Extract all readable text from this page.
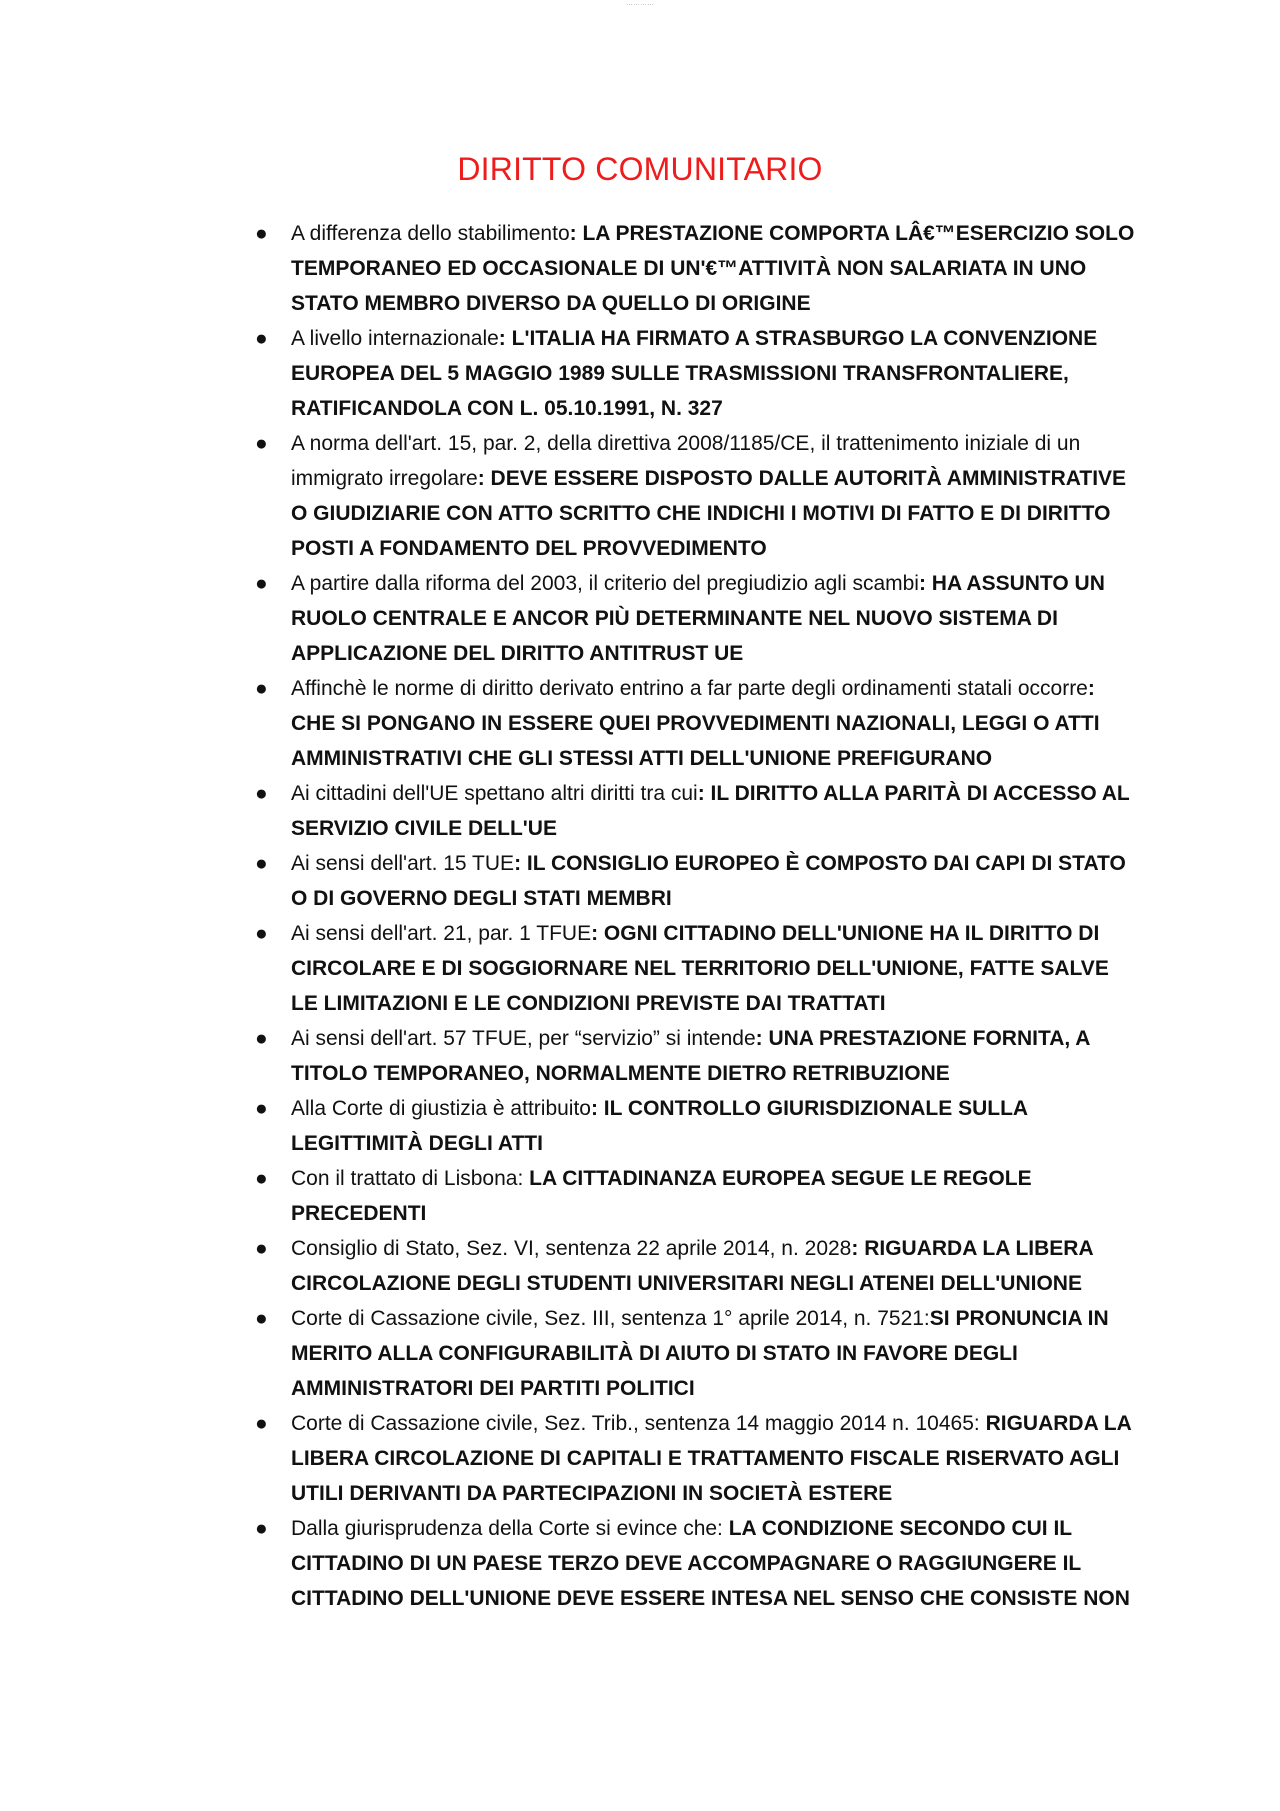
…………
DIRITTO COMUNITARIO
● A differenza dello stabilimento: LA PRESTAZIONE COMPORTA LÂ€™ESERCIZIO SOLO TEMPORANEO ED OCCASIONALE DI UN'€™ATTIVITÀ NON SALARIATA IN UNO STATO MEMBRO DIVERSO DA QUELLO DI ORIGINE
● A livello internazionale: L'ITALIA HA FIRMATO A STRASBURGO LA CONVENZIONE EUROPEA DEL 5 MAGGIO 1989 SULLE TRASMISSIONI TRANSFRONTALIERE, RATIFICANDOLA CON L. 05.10.1991, N. 327
● A norma dell'art. 15, par. 2, della direttiva 2008/1185/CE, il trattenimento iniziale di un immigrato irregolare: DEVE ESSERE DISPOSTO DALLE AUTORITÀ AMMINISTRATIVE O GIUDIZIARIE CON ATTO SCRITTO CHE INDICHI I MOTIVI DI FATTO E DI DIRITTO POSTI A FONDAMENTO DEL PROVVEDIMENTO
● A partire dalla riforma del 2003, il criterio del pregiudizio agli scambi: HA ASSUNTO UN RUOLO CENTRALE E ANCOR PIÙ DETERMINANTE NEL NUOVO SISTEMA DI APPLICAZIONE DEL DIRITTO ANTITRUST UE
● Affinchè le norme di diritto derivato entrino a far parte degli ordinamenti statali occorre: CHE SI PONGANO IN ESSERE QUEI PROVVEDIMENTI NAZIONALI, LEGGI O ATTI AMMINISTRATIVI CHE GLI STESSI ATTI DELL'UNIONE PREFIGURANO
● Ai cittadini dell'UE spettano altri diritti tra cui: IL DIRITTO ALLA PARITÀ DI ACCESSO AL SERVIZIO CIVILE DELL'UE
● Ai sensi dell'art. 15 TUE: IL CONSIGLIO EUROPEO È COMPOSTO DAI CAPI DI STATO O DI GOVERNO DEGLI STATI MEMBRI
● Ai sensi dell'art. 21, par. 1 TFUE: OGNI CITTADINO DELL'UNIONE HA IL DIRITTO DI CIRCOLARE E DI SOGGIORNARE NEL TERRITORIO DELL'UNIONE, FATTE SALVE LE LIMITAZIONI E LE CONDIZIONI PREVISTE DAI TRATTATI
● Ai sensi dell'art. 57 TFUE, per “servizio” si intende: UNA PRESTAZIONE FORNITA, A TITOLO TEMPORANEO, NORMALMENTE DIETRO RETRIBUZIONE
● Alla Corte di giustizia è attribuito: IL CONTROLLO GIURISDIZIONALE SULLA LEGITTIMITÀ DEGLI ATTI
● Con il trattato di Lisbona: LA CITTADINANZA EUROPEA SEGUE LE REGOLE PRECEDENTI
● Consiglio di Stato, Sez. VI, sentenza 22 aprile 2014, n. 2028: RIGUARDA LA LIBERA CIRCOLAZIONE DEGLI STUDENTI UNIVERSITARI NEGLI ATENEI DELL'UNIONE
● Corte di Cassazione civile, Sez. III, sentenza 1° aprile 2014, n. 7521:SI PRONUNCIA IN MERITO ALLA CONFIGURABILITÀ DI AIUTO DI STATO IN FAVORE DEGLI AMMINISTRATORI DEI PARTITI POLITICI
● Corte di Cassazione civile, Sez. Trib., sentenza 14 maggio 2014 n. 10465: RIGUARDA LA LIBERA CIRCOLAZIONE DI CAPITALI E TRATTAMENTO FISCALE RISERVATO AGLI UTILI DERIVANTI DA PARTECIPAZIONI IN SOCIETÀ ESTERE
● Dalla giurisprudenza della Corte si evince che: LA CONDIZIONE SECONDO CUI IL CITTADINO DI UN PAESE TERZO DEVE ACCOMPAGNARE O RAGGIUNGERE IL CITTADINO DELL'UNIONE DEVE ESSERE INTESA NEL SENSO CHE CONSISTE NON
